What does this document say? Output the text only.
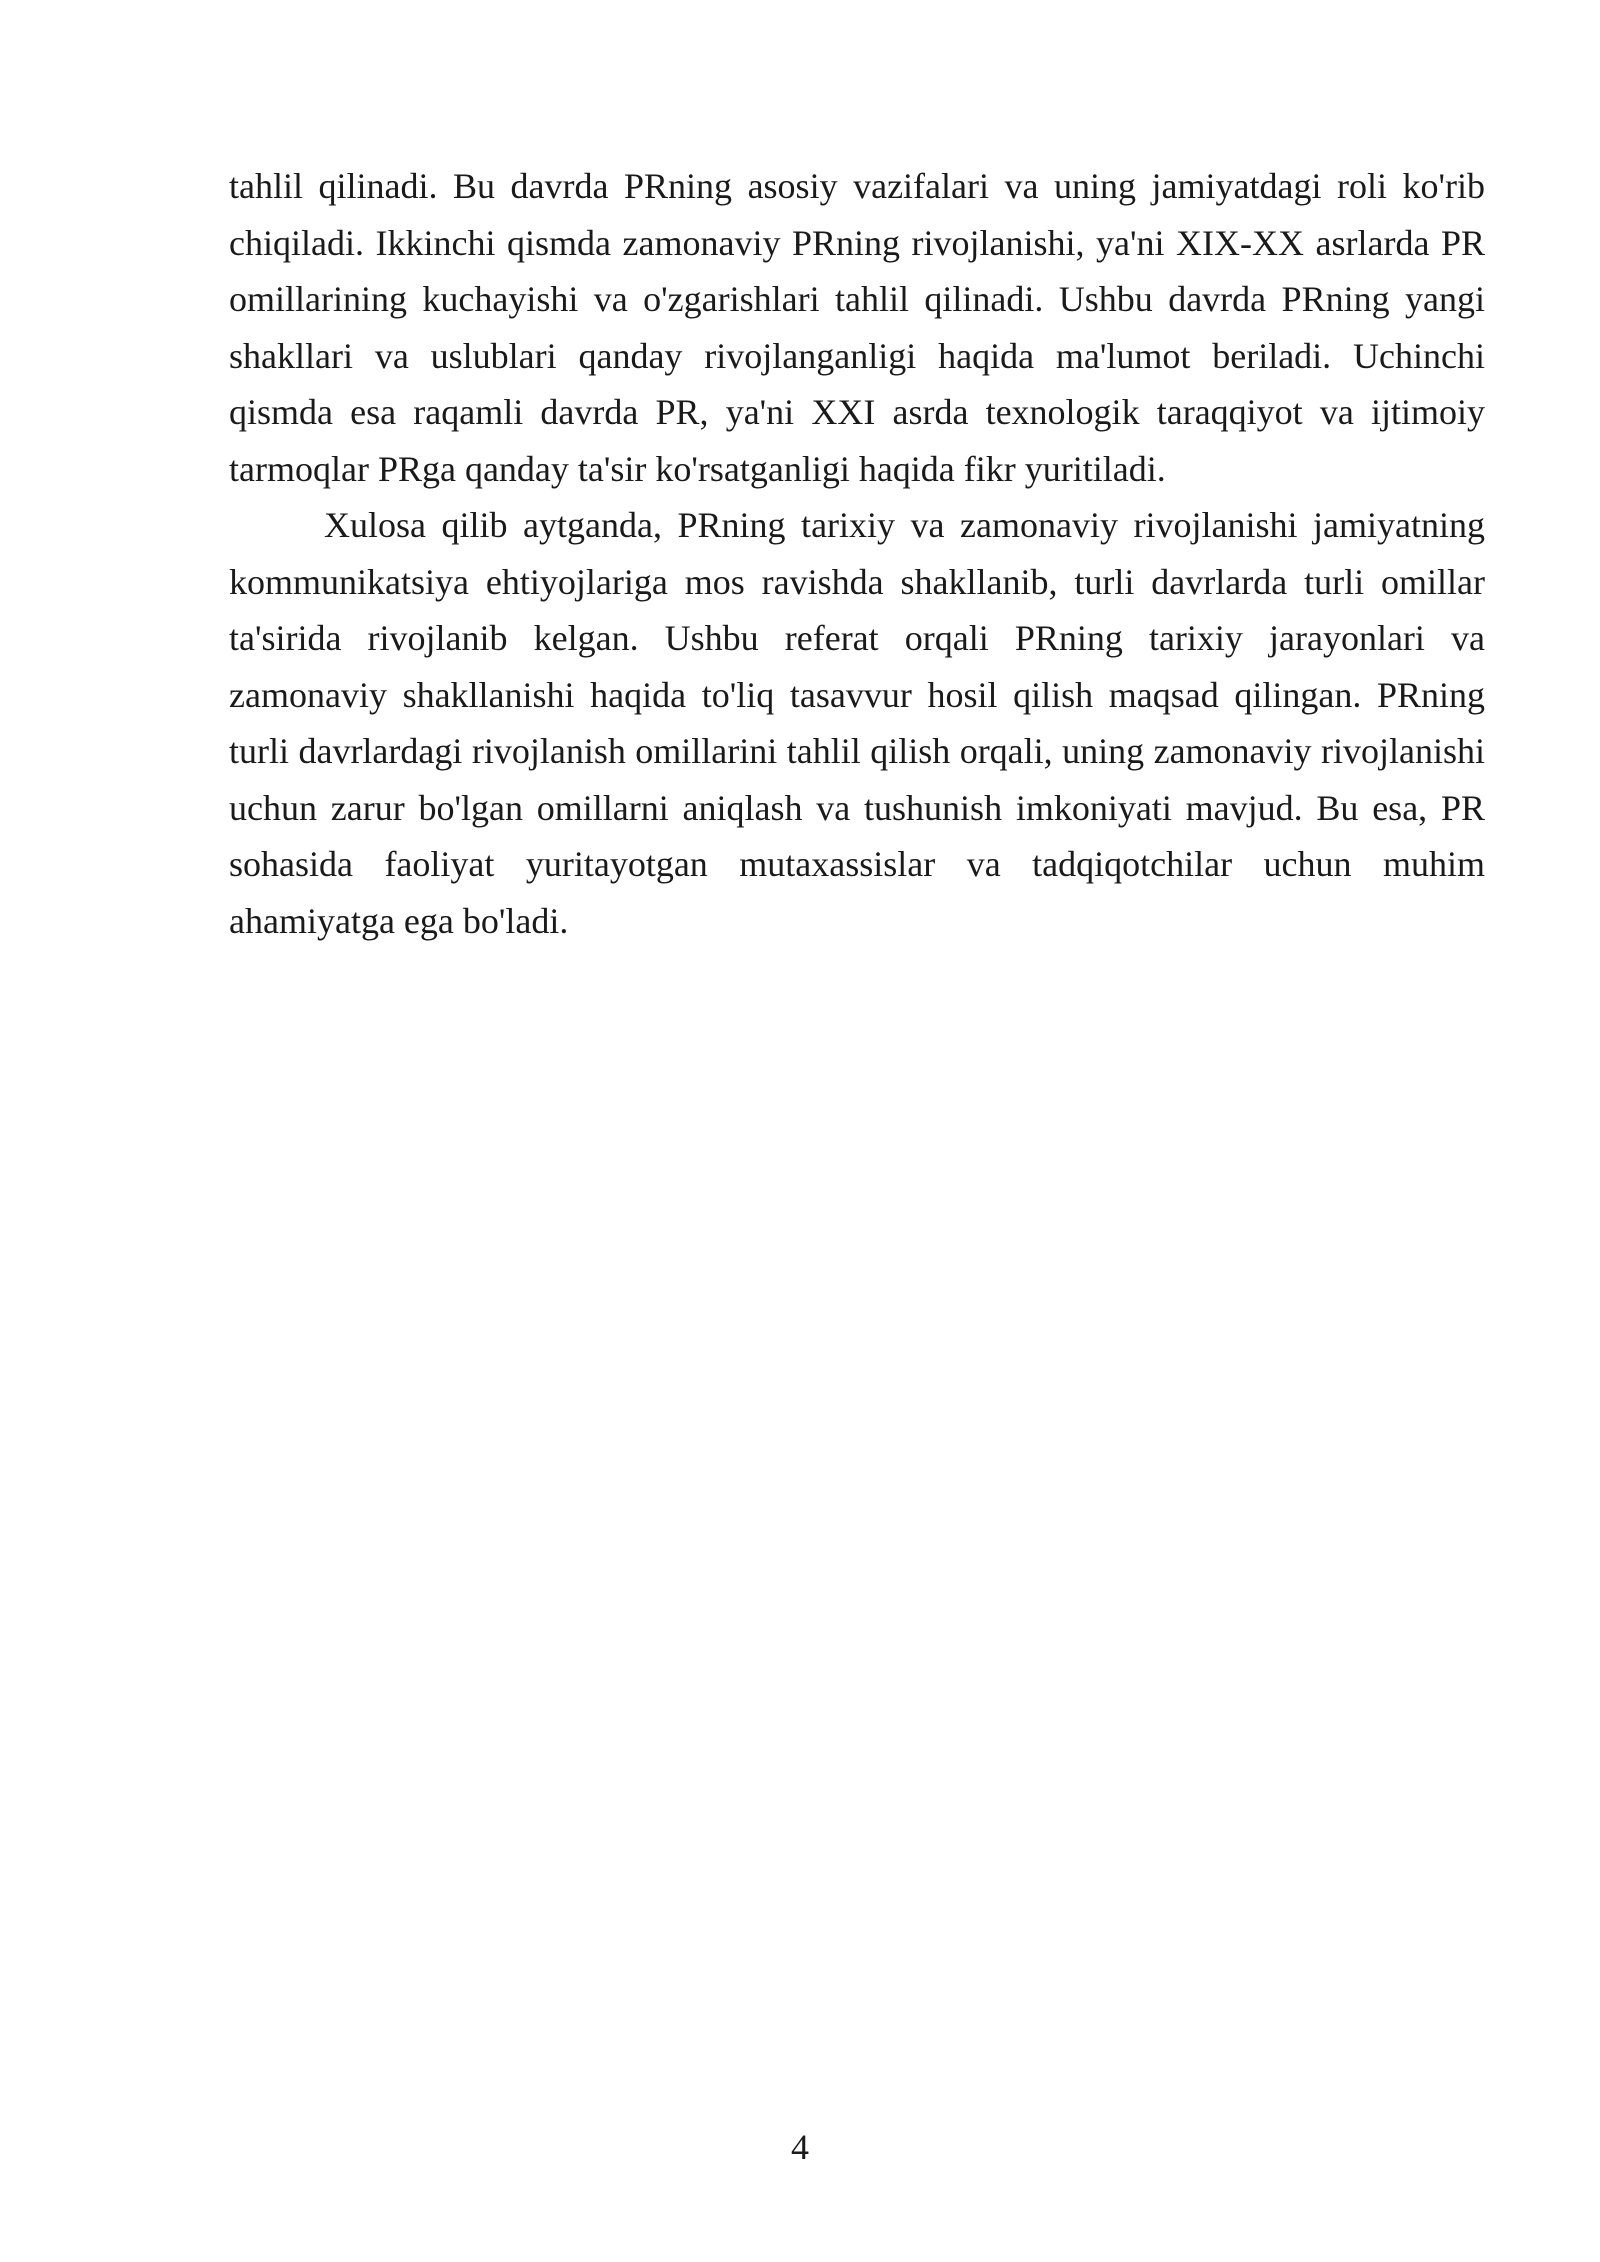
tahlil qilinadi. Bu davrda PRning asosiy vazifalari va uning jamiyatdagi roli ko'rib chiqiladi. Ikkinchi qismda zamonaviy PRning rivojlanishi, ya'ni XIX-XX asrlarda PR omillarining kuchayishi va o'zgarishlari tahlil qilinadi. Ushbu davrda PRning yangi shakllari va uslublari qanday rivojlanganligi haqida ma'lumot beriladi. Uchinchi qismda esa raqamli davrda PR, ya'ni XXI asrda texnologik taraqqiyot va ijtimoiy tarmoqlar PRga qanday ta'sir ko'rsatganligi haqida fikr yuritiladi.

Xulosa qilib aytganda, PRning tarixiy va zamonaviy rivojlanishi jamiyatning kommunikatsiya ehtiyojlariga mos ravishda shakllanib, turli davrlarda turli omillar ta'sirida rivojlanib kelgan. Ushbu referat orqali PRning tarixiy jarayonlari va zamonaviy shakllanishi haqida to'liq tasavvur hosil qilish maqsad qilingan. PRning turli davrlardagi rivojlanish omillarini tahlil qilish orqali, uning zamonaviy rivojlanishi uchun zarur bo'lgan omillarni aniqlash va tushunish imkoniyati mavjud. Bu esa, PR sohasida faoliyat yuritayotgan mutaxassislar va tadqiqotchilar uchun muhim ahamiyatga ega bo'ladi.

4
